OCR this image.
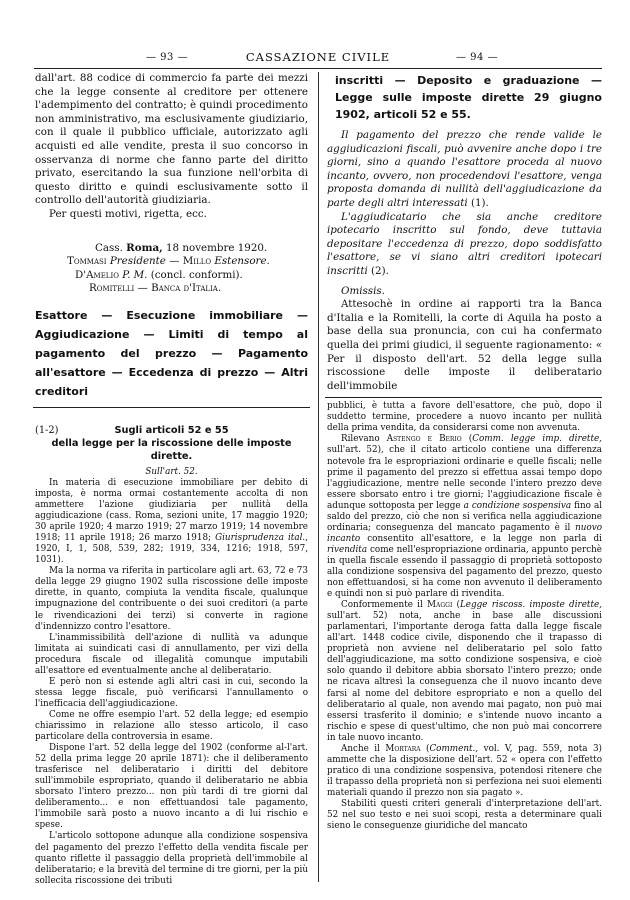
— 93 —	CASSAZIONE CIVILE	— 94 —

dall'art. 88 codice di commercio fa parte dei mezzi che la legge consente al creditore per ottenere l'adempimento del contratto; è quindi procedimento non amministrativo, ma esclusivamente giudiziario, con il quale il pubblico ufficiale, autorizzato agli acquisti ed alle vendite, presta il suo concorso in osservanza di norme che fanno parte del diritto privato, esercitando la sua funzione nell'orbita di questo diritto e quindi esclusivamente sotto il controllo dell'autorità giudiziaria.

Per questi motivi, rigetta, ecc.

Cass. Roma, 18 novembre 1920.
Tommasi Presidente — Millo Estensore.
D'Amelio P. M. (concl. conformi).
Romitelli — Banca d'Italia.

Esattore — Esecuzione immobiliare — Aggiudicazione — Limiti di tempo al pagamento del prezzo — Pagamento all'esattore — Eccedenza di prezzo — Altri creditori

(1-2)	Sugli articoli 52 e 55
della legge per la riscossione delle imposte dirette.

Sull'art. 52.

In materia di esecuzione immobiliare per debito di imposta, è norma ormai costantemente accolta di non ammettere l'azione giudiziaria per nullità della aggiudicazione (cass. Roma, sezioni unite, 17 maggio 1920; 30 aprile 1920; 4 marzo 1919; 27 marzo 1919; 14 novembre 1918; 11 aprile 1918; 26 marzo 1918; Giurisprudenza ital., 1920, I, 1, 508, 539, 282; 1919, 334, 1216; 1918, 597, 1031).

Ma la norma va riferita in particolare agli art. 63, 72 e 73 della legge 29 giugno 1902 sulla riscossione delle imposte dirette, in quanto, compiuta la vendita fiscale, qualunque impugnazione del contribuente o dei suoi creditori (a parte le rivendicazioni dei terzi) si converte in ragione d'indennizzo contro l'esattore.

L'inammissibilità dell'azione di nullità va adunque limitata ai suindicati casi di annullamento, per vizi della procedura fiscale od illegalità comunque imputabili all'esattore ed eventualmente anche al deliberatario.

E però non si estende agli altri casi in cui, secondo la stessa legge fiscale, può verificarsi l'annullamento o l'inefficacia dell'aggiudicazione.

Come ne offre esempio l'art. 52 della legge; ed esempio chiarissimo in relazione allo stesso articolo, il caso particolare della controversia in esame.

Dispone l'art. 52 della legge del 1902 (conforme al-l'art. 52 della prima legge 20 aprile 1871): che il deliberamento trasferisce nel deliberatario i diritti del debitore sull'immobile espropriato, quando il deliberatario ne abbia sborsato l'intero prezzo... non più tardi di tre giorni dal deliberamento... e non effettuandosi tale pagamento, l'immobile sarà posto a nuovo incanto a di lui rischio e spese.

L'articolo sottopone adunque alla condizione sospensiva del pagamento del prezzo l'effetto della vendita fiscale per quanto riflette il passaggio della proprietà dell'immobile al deliberatario; e la brevità del termine di tre giorni, per la più sollecita riscossione dei tributi

inscritti — Deposito e graduazione — Legge sulle imposte dirette 29 giugno 1902, articoli 52 e 55.

Il pagamento del prezzo che rende valide le aggiudicazioni fiscali, può avvenire anche dopo i tre giorni, sino a quando l'esattore proceda al nuovo incanto, ovvero, non procedendovi l'esattore, venga proposta domanda di nullità dell'aggiudicazione da parte degli altri interessati (1).

L'aggiudicatario che sia anche creditore ipotecario inscritto sul fondo, deve tuttavia depositare l'eccedenza di prezzo, dopo soddisfatto l'esattore, se vi siano altri creditori ipotecari inscritti (2).

Omissis.

Attesochè in ordine ai rapporti tra la Banca d'Italia e la Romitelli, la corte di Aquila ha posto a base della sua pronuncia, con cui ha confermato quella dei primi giudici, il seguente ragionamento: « Per il disposto dell'art. 52 della legge sulla riscossione delle imposte il deliberatario dell'immobile

pubblici, è tutta a favore dell'esattore, che può, dopo il suddetto termine, procedere a nuovo incanto per nullità della prima vendita, da considerarsi come non avvenuta.

Rilevano Astengo e Berio (Comm. legge imp. dirette, sull'art. 52), che il citato articolo contiene una differenza notevole fra le espropriazioni ordinarie e quelle fiscali; nelle prime il pagamento del prezzo si effettua assai tempo dopo l'aggiudicazione, mentre nelle seconde l'intero prezzo deve essere sborsato entro i tre giorni; l'aggiudicazione fiscale è adunque sottoposta per legge a condizione sospensiva fino al saldo del prezzo, ciò che non si verifica nella aggiudicazione ordinaria; conseguenza del mancato pagamento è il nuovo incanto consentito all'esattore, e la legge non parla di rivendita come nell'espropriazione ordinaria, appunto perchè in quella fiscale essendo il passaggio di proprietà sottoposto alla condizione sospensiva del pagamento del prezzo, questo non effettuandosi, si ha come non avvenuto il deliberamento e quindi non si può parlare di rivendita.

Conformemente il Maggi (Legge riscoss. imposte dirette, sull'art. 52) nota, anche in base alle discussioni parlamentari, l'importante deroga fatta dalla legge fiscale all'art. 1448 codice civile, disponendo che il trapasso di proprietà non avviene nel deliberatario pel solo fatto dell'aggiudicazione, ma sotto condizione sospensiva, e cioè solo quando il debitore abbia sborsato l'intero prezzo; onde ne ricava altresì la conseguenza che il nuovo incanto deve farsi al nome del debitore espropriato e non a quello del deliberatario al quale, non avendo mai pagato, non può mai essersi trasferito il dominio; e s'intende nuovo incanto a rischio e spese di quest'ultimo, che non può mai concorrere in tale nuovo incanto.

Anche il Mortara (Comment., vol. V, pag. 559, nota 3) ammette che la disposizione dell'art. 52 « opera con l'effetto pratico di una condizione sospensiva, potendosi ritenere che il trapasso della proprietà non si perfeziona nei suoi elementi materiali quando il prezzo non sia pagato ».

Stabiliti questi criteri generali d'interpretazione dell'art. 52 nel suo testo e nei suoi scopi, resta a determinare quali sieno le conseguenze giuridiche del mancato
